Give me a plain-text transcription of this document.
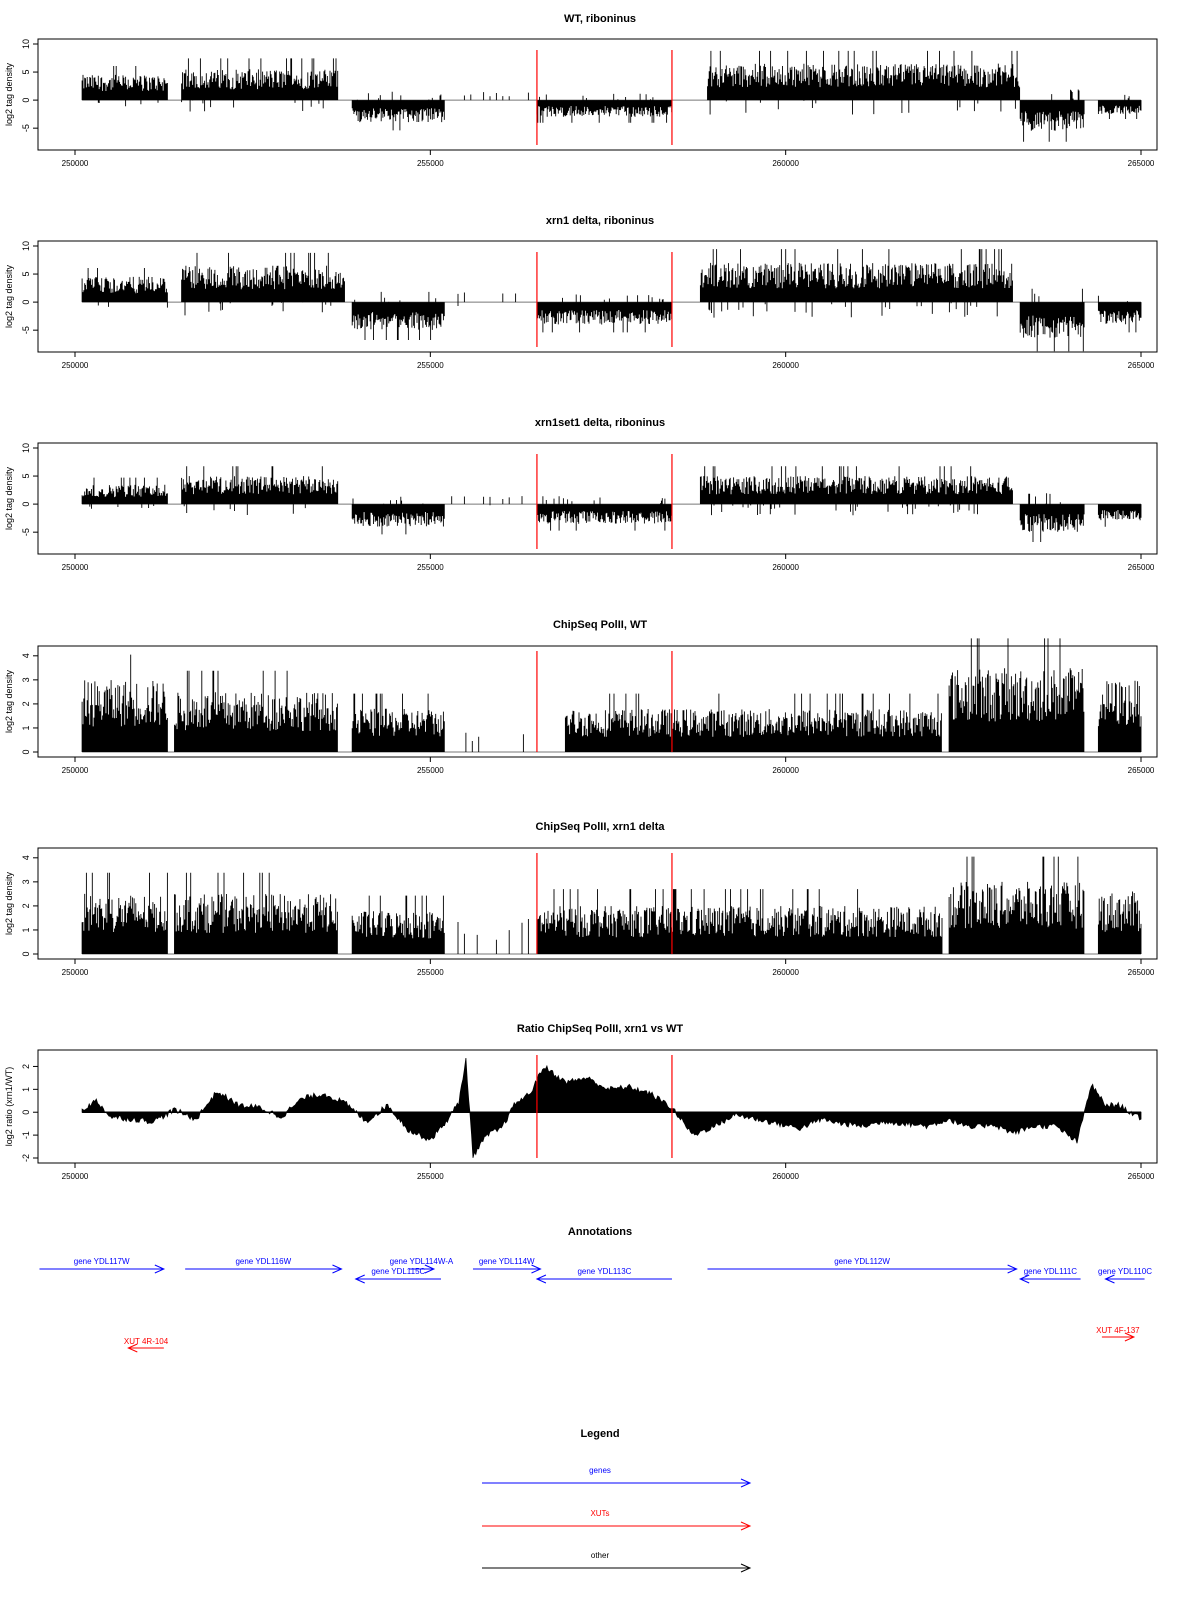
WT, riboninus
log2 tag density
-5
0
5
10
250000	255000	260000	265000
xrn1 delta, riboninus
log2 tag density
-5
0
5
10
250000	255000	260000	265000
xrn1set1 delta, riboninus
log2 tag density
-5
0
5
10
250000	255000	260000	265000
ChipSeq PolII, WT
log2 tag density
0
1
2
3
4
250000	255000	260000	265000
ChipSeq PolII, xrn1 delta
log2 tag density
0
1
2
3
4
250000	255000	260000	265000
Ratio ChipSeq PolII, xrn1 vs WT
log2 ratio (xrn1/WT)
-2
-1
0
1
2
250000	255000	260000	265000
Annotations
gene YDL117W	gene YDL116W	gene YDL114W-A
gene YDL115C
gene YDL114W
gene YDL113C
gene YDL112W
gene YDL111C	gene YDL110C
XUT 4R-104
XUT 4F-137
Legend
genes
XUTs
other
